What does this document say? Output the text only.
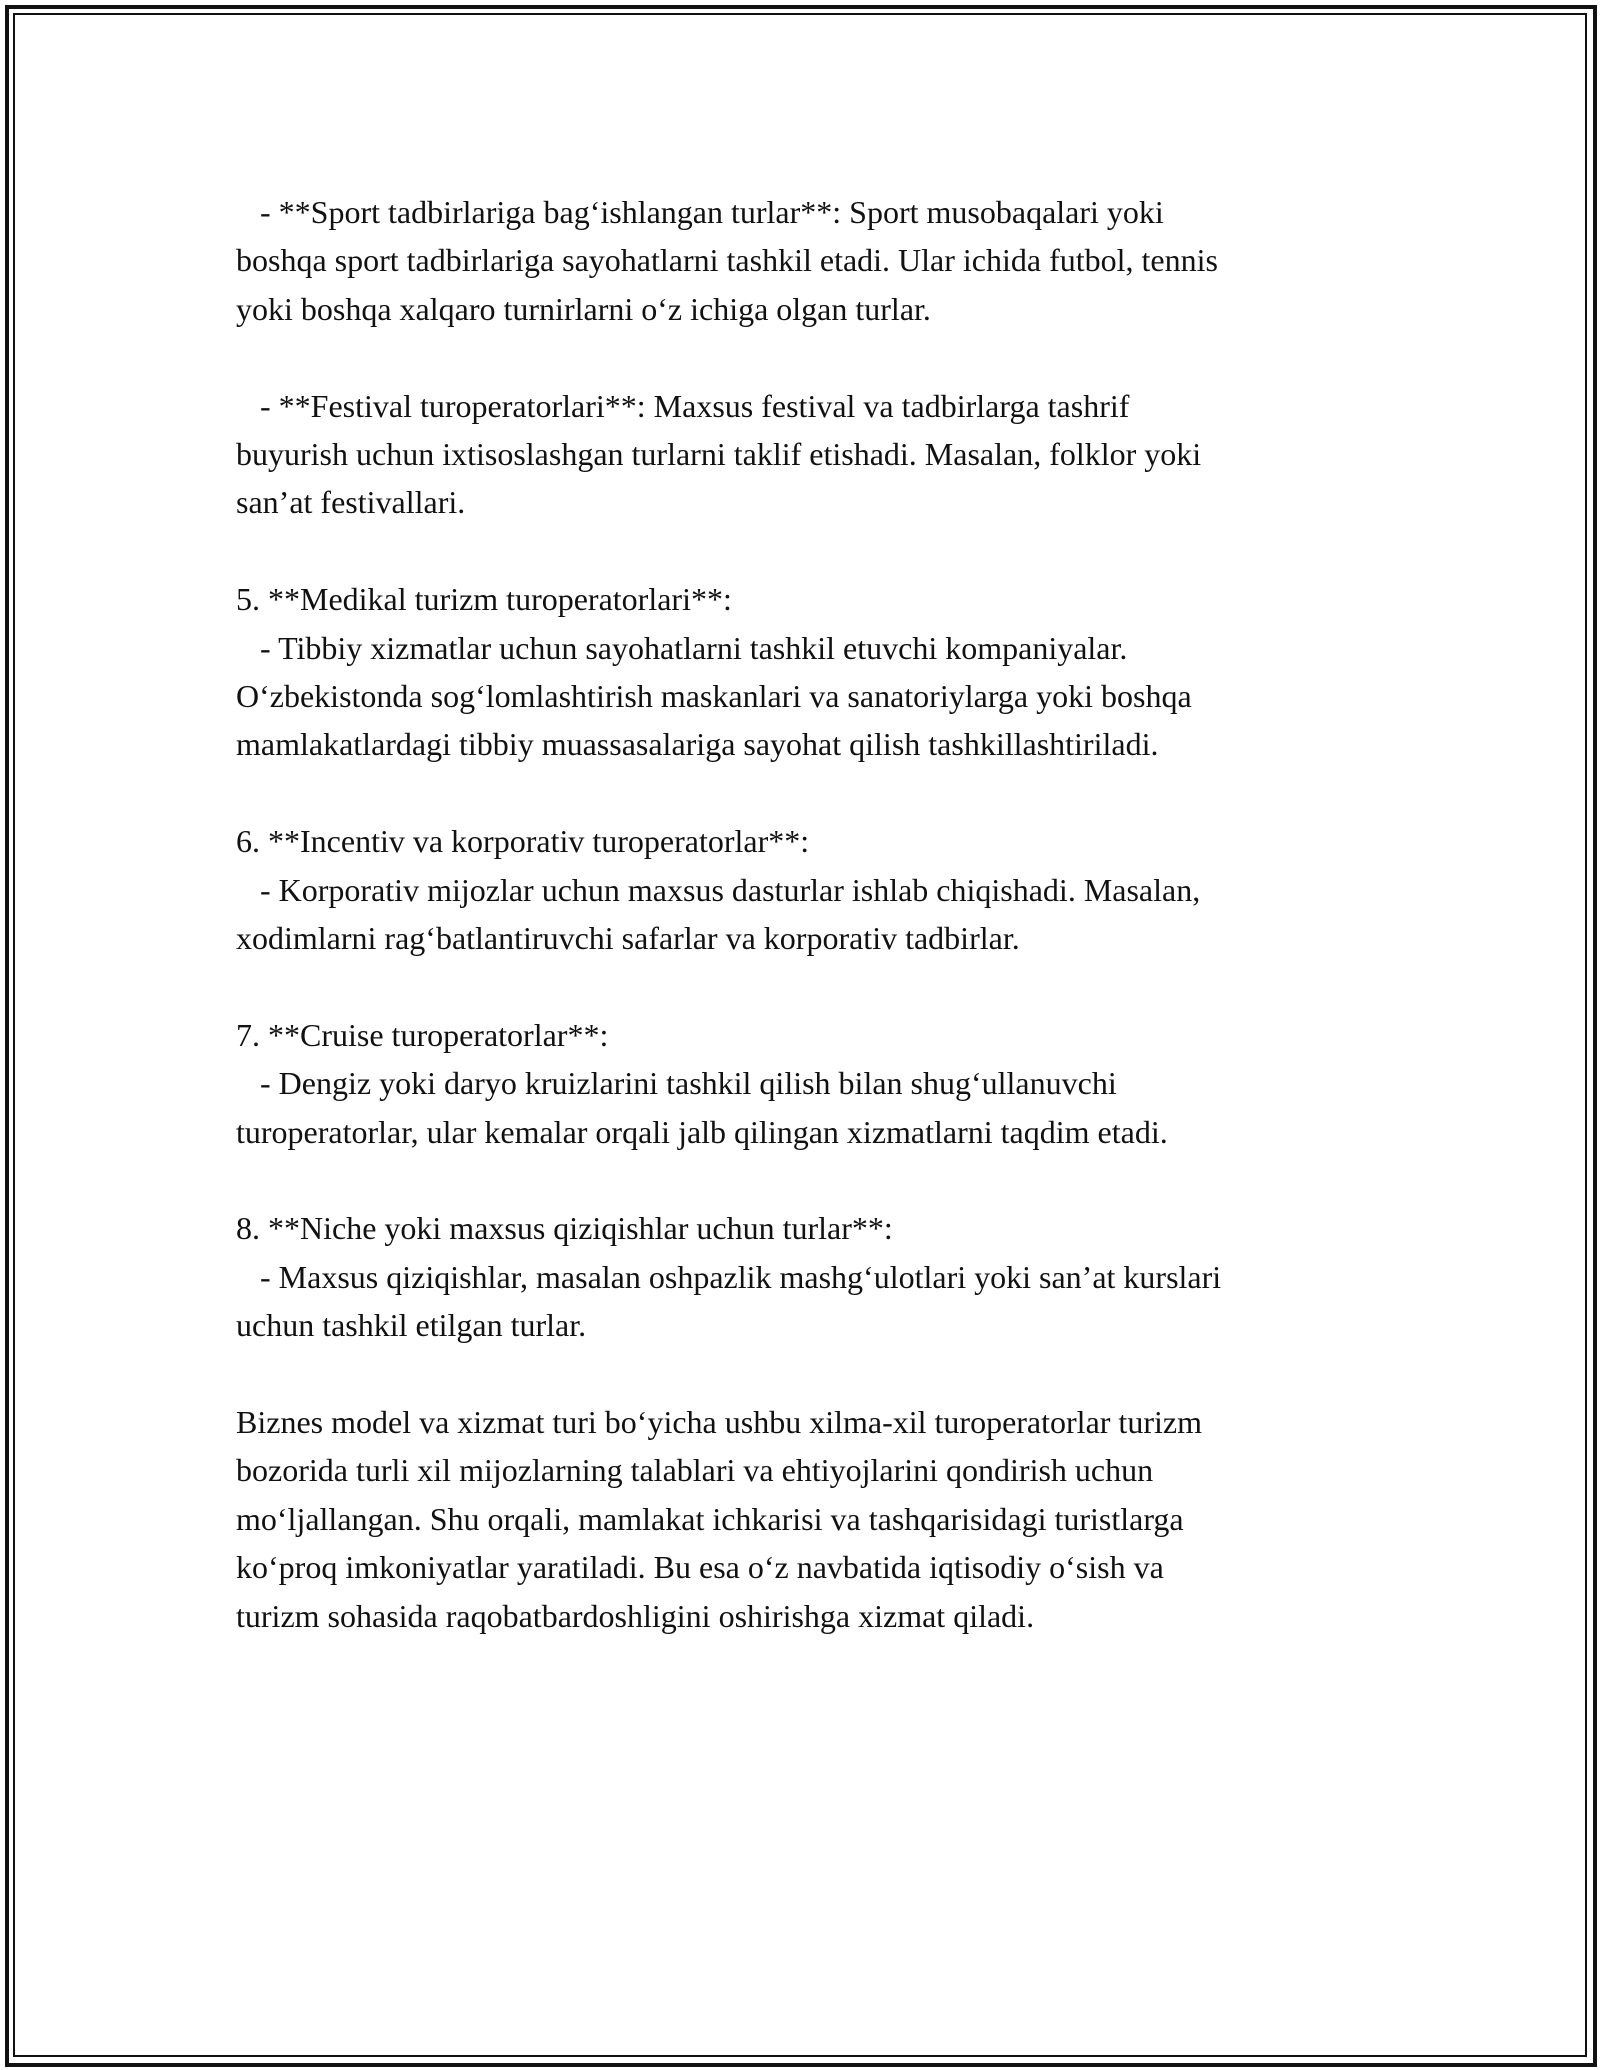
- **Sport tadbirlariga bag‘ishlangan turlar**: Sport musobaqalari yoki
boshqa sport tadbirlariga sayohatlarni tashkil etadi. Ular ichida futbol, tennis
yoki boshqa xalqaro turnirlarni o‘z ichiga olgan turlar.
- **Festival turoperatorlari**: Maxsus festival va tadbirlarga tashrif
buyurish uchun ixtisoslashgan turlarni taklif etishadi. Masalan, folklor yoki
san’at festivallari.
5. **Medikal turizm turoperatorlari**:
- Tibbiy xizmatlar uchun sayohatlarni tashkil etuvchi kompaniyalar.
O‘zbekistonda sog‘lomlashtirish maskanlari va sanatoriylarga yoki boshqa
mamlakatlardagi tibbiy muassasalariga sayohat qilish tashkillashtiriladi.
6. **Incentiv va korporativ turoperatorlar**:
- Korporativ mijozlar uchun maxsus dasturlar ishlab chiqishadi. Masalan,
xodimlarni rag‘batlantiruvchi safarlar va korporativ tadbirlar.
7. **Cruise turoperatorlar**:
- Dengiz yoki daryo kruizlarini tashkil qilish bilan shug‘ullanuvchi
turoperatorlar, ular kemalar orqali jalb qilingan xizmatlarni taqdim etadi.
8. **Niche yoki maxsus qiziqishlar uchun turlar**:
- Maxsus qiziqishlar, masalan oshpazlik mashg‘ulotlari yoki san’at kurslari
uchun tashkil etilgan turlar.
Biznes model va xizmat turi bo‘yicha ushbu xilma-xil turoperatorlar turizm
bozorida turli xil mijozlarning talablari va ehtiyojlarini qondirish uchun
mo‘ljallangan. Shu orqali, mamlakat ichkarisi va tashqarisidagi turistlarga
ko‘proq imkoniyatlar yaratiladi. Bu esa o‘z navbatida iqtisodiy o‘sish va
turizm sohasida raqobatbardoshligini oshirishga xizmat qiladi.
